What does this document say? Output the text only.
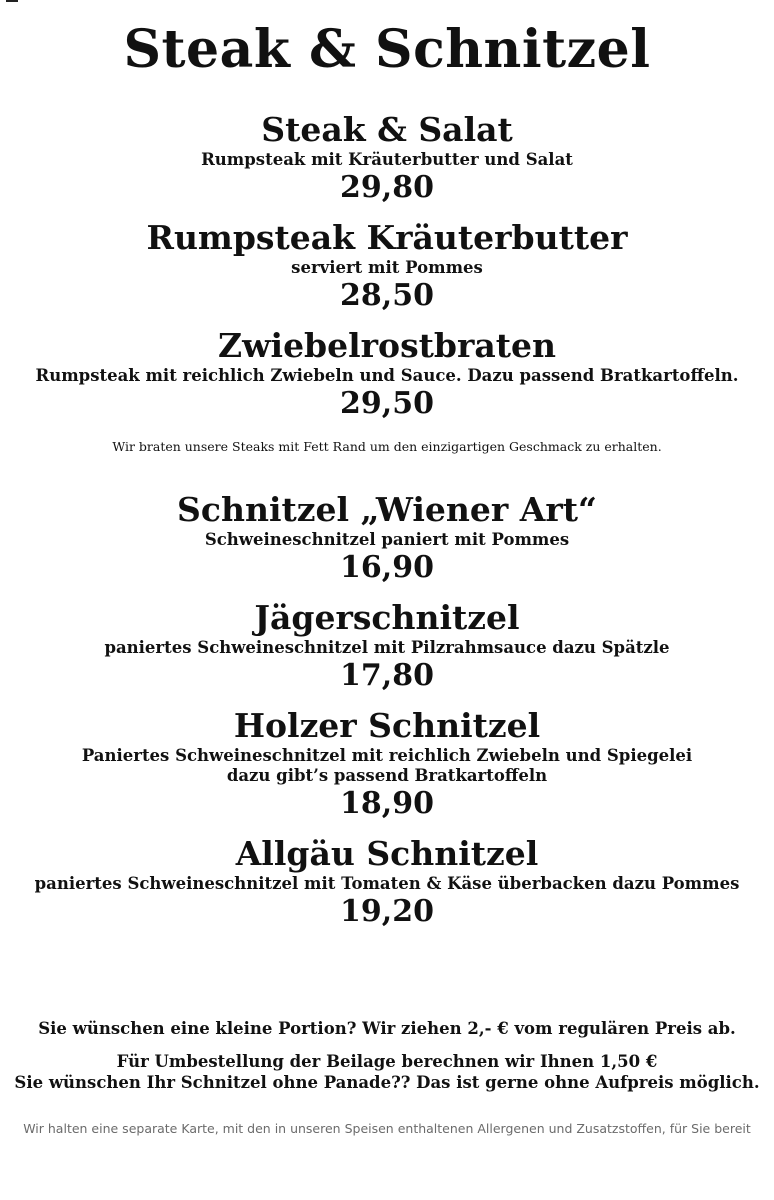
Steak & Schnitzel
Steak & Salat
Rumpsteak mit Kräuterbutter und Salat
29,80
Rumpsteak Kräuterbutter
serviert mit Pommes
28,50
Zwiebelrostbraten
Rumpsteak mit reichlich Zwiebeln und Sauce. Dazu passend Bratkartoffeln.
29,50
Wir braten unsere Steaks mit Fett Rand um den einzigartigen Geschmack zu erhalten.
Schnitzel „Wiener Art“
Schweineschnitzel paniert mit Pommes
16,90
Jägerschnitzel
paniertes Schweineschnitzel mit Pilzrahmsauce dazu Spätzle
17,80
Holzer Schnitzel
Paniertes Schweineschnitzel mit reichlich Zwiebeln und Spiegelei
dazu gibt’s passend Bratkartoffeln
18,90
Allgäu Schnitzel
paniertes Schweineschnitzel mit Tomaten & Käse überbacken dazu Pommes
19,20
Sie wünschen eine kleine Portion? Wir ziehen 2,- € vom regulären Preis ab.
Für Umbestellung der Beilage berechnen wir Ihnen 1,50 €
Sie wünschen Ihr Schnitzel ohne Panade?? Das ist gerne ohne Aufpreis möglich.
Wir halten eine separate Karte, mit den in unseren Speisen enthaltenen Allergenen und Zusatzstoffen, für Sie bereit
